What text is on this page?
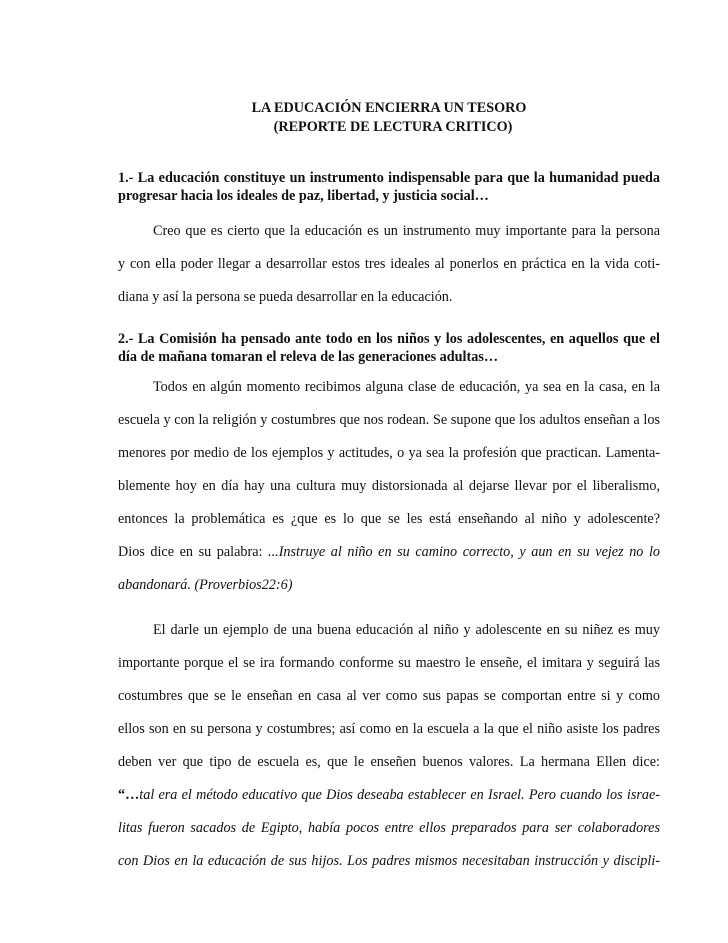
LA EDUCACIÓN ENCIERRA UN TESORO
(REPORTE DE LECTURA CRITICO)
1.- La educación constituye un instrumento indispensable para que la humanidad pueda
progresar hacia los ideales de paz, libertad, y justicia social…
Creo que es cierto que la educación es un instrumento muy importante para la persona
y con ella poder llegar a desarrollar estos tres ideales al ponerlos en práctica en la vida coti-
diana y así la persona se pueda desarrollar en la educación.
2.- La Comisión ha pensado ante todo en los niños y los adolescentes, en aquellos que el
día de mañana tomaran el releva de las generaciones adultas…
Todos en algún momento recibimos alguna clase de educación, ya sea en la casa, en la
escuela y con la religión y costumbres que nos rodean. Se supone que los adultos enseñan a los
menores por medio de los ejemplos y actitudes, o ya sea la profesión que practican. Lamenta-
blemente hoy en día hay una cultura muy distorsionada al dejarse llevar por el liberalismo,
entonces la problemática es ¿que es lo que se les está enseñando al niño y adolescente?
Dios dice en su palabra: ...Instruye al niño en su camino correcto, y aun en su vejez no lo
abandonará. (Proverbios22:6)
El darle un ejemplo de una buena educación al niño y adolescente en su niñez es muy
importante porque el se ira formando conforme su maestro le enseñe, el imitara y seguirá las
costumbres que se le enseñan en casa al ver como sus papas se comportan entre si y como
ellos son en su persona y costumbres; así como en la escuela a la que el niño asiste los padres
deben ver que tipo de escuela es, que le enseñen buenos valores. La hermana Ellen dice:
“…tal era el método educativo que Dios deseaba establecer en Israel. Pero cuando los israe-
litas fueron sacados de Egipto, había pocos entre ellos preparados para ser colaboradores
con Dios en la educación de sus hijos. Los padres mismos necesitaban instrucción y discipli-
